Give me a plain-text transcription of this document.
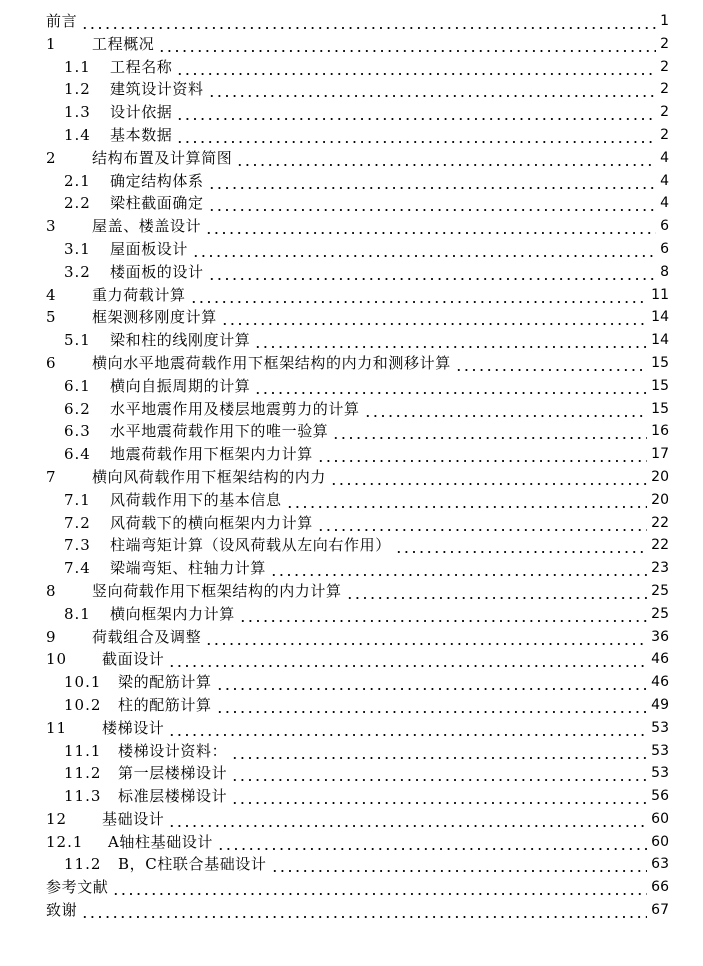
前言	1
1	工程概况	2
1.1	工程名称	2
1.2	建筑设计资料	2
1.3	设计依据	2
1.4	基本数据	2
2	结构布置及计算简图	4
2.1	确定结构体系	4
2.2	梁柱截面确定	4
3	屋盖、楼盖设计	6
3.1	屋面板设计	6
3.2	楼面板的设计	8
4	重力荷载计算	11
5	框架测移刚度计算	14
5.1	梁和柱的线刚度计算	14
6	横向水平地震荷载作用下框架结构的内力和测移计算	15
6.1	横向自振周期的计算	15
6.2	水平地震作用及楼层地震剪力的计算	15
6.3	水平地震荷载作用下的唯一验算	16
6.4	地震荷载作用下框架内力计算	17
7	横向风荷载作用下框架结构的内力	20
7.1	风荷载作用下的基本信息	20
7.2	风荷载下的横向框架内力计算	22
7.3	柱端弯矩计算（设风荷载从左向右作用）	22
7.4	梁端弯矩、柱轴力计算	23
8	竖向荷载作用下框架结构的内力计算	25
8.1	横向框架内力计算	25
9	荷载组合及调整	36
10	截面设计	46
10.1	梁的配筋计算	46
10.2	柱的配筋计算	49
11	楼梯设计	53
11.1	楼梯设计资料：	53
11.2	第一层楼梯设计	53
11.3	标准层楼梯设计	56
12	基础设计	60
12.1	A轴柱基础设计	60
11.2	B，C柱联合基础设计	63
参考文献	66
致谢	67
